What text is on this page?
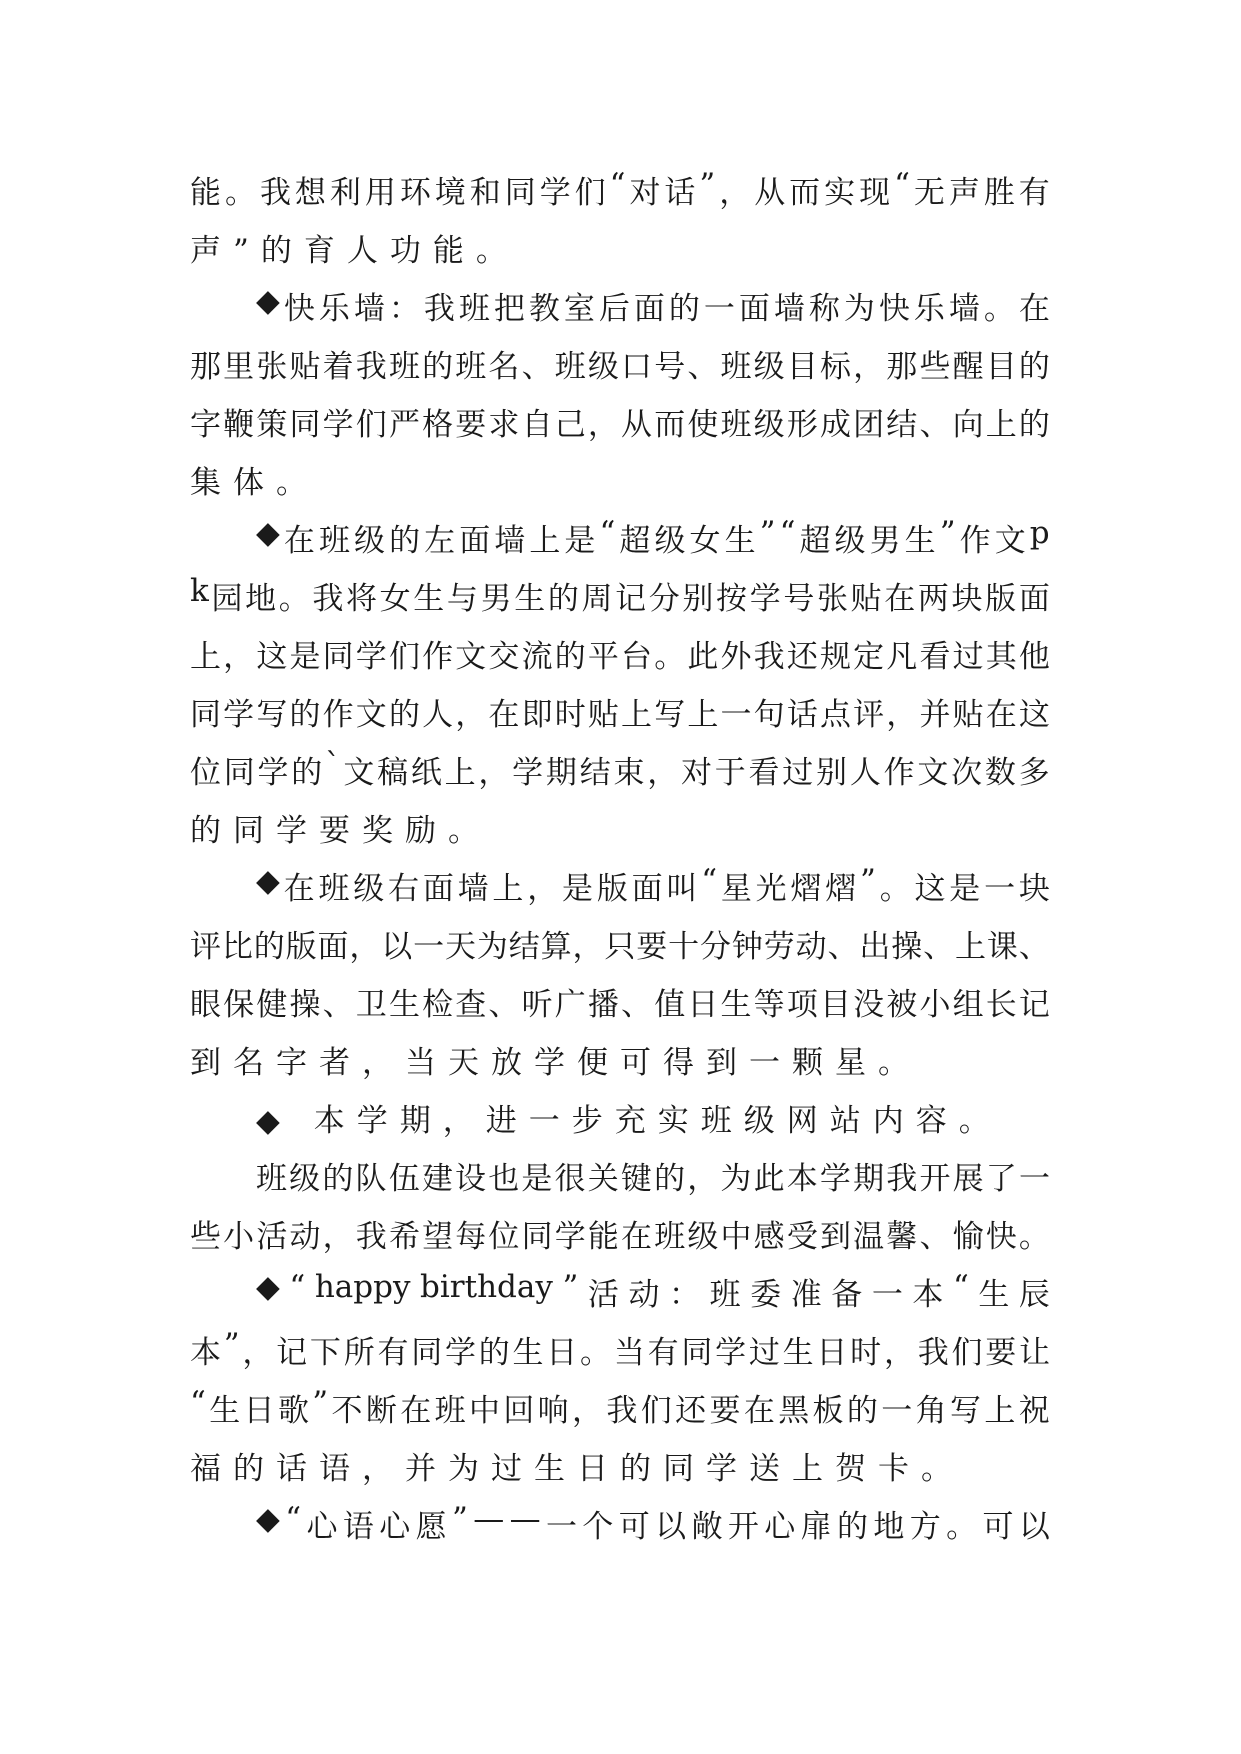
能 。 我 想 利 用 环 境 和 同 学 们 “ 对 话 ” ， 从 而 实 现 “ 无 声 胜 有
声”的育人功能。
◆ 快 乐 墙 ： 我 班 把 教 室 后 面 的 一 面 墙 称 为 快 乐 墙 。 在
那 里 张 贴 着 我 班 的 班 名 、 班 级 口 号 、 班 级 目 标 ， 那 些 醒 目 的
字 鞭 策 同 学 们 严 格 要 求 自 己 ， 从 而 使 班 级 形 成 团 结 、 向 上 的
集体。
◆ 在 班 级 的 左 面 墙 上 是 “ 超 级 女 生 ” “ 超 级 男 生 ” 作 文 p
k 园 地 。 我 将 女 生 与 男 生 的 周 记 分 别 按 学 号 张 贴 在 两 块 版 面
上 ， 这 是 同 学 们 作 文 交 流 的 平 台 。 此 外 我 还 规 定 凡 看 过 其 他
同 学 写 的 作 文 的 人 ， 在 即 时 贴 上 写 上 一 句 话 点 评 ， 并 贴 在 这
位 同 学 的 ` 文 稿 纸 上 ， 学 期 结 束 ， 对 于 看 过 别 人 作 文 次 数 多
的同学要奖励。
◆ 在 班 级 右 面 墙 上 ， 是 版 面 叫 “ 星 光 熠 熠 ” 。 这 是 一 块
评 比 的 版 面 ， 以 一 天 为 结 算 ， 只 要 十 分 钟 劳 动 、 出 操 、 上 课 、
眼 保 健 操 、 卫 生 检 查 、 听 广 播 、 值 日 生 等 项 目 没 被 小 组 长 记
到名字者，当天放学便可得到一颗星。
◆ 本学期，进一步充实班级网站内容。
班 级 的 队 伍 建 设 也 是 很 关 键 的 ， 为 此 本 学 期 我 开 展 了 一
些 小 活 动 ， 我 希 望 每 位 同 学 能 在 班 级 中 感 受 到 温 馨 、 愉 快 。
◆ “ happy birthday ” 活 动 ： 班 委 准 备 一 本 “ 生 辰
本 ” ， 记 下 所 有 同 学 的 生 日 。 当 有 同 学 过 生 日 时 ， 我 们 要 让
“ 生 日 歌 ” 不 断 在 班 中 回 响 ， 我 们 还 要 在 黑 板 的 一 角 写 上 祝
福的话语，并为过生日的同学送上贺卡。
◆ “ 心 语 心 愿 ” — — 一 个 可 以 敞 开 心 扉 的 地 方 。 可 以
